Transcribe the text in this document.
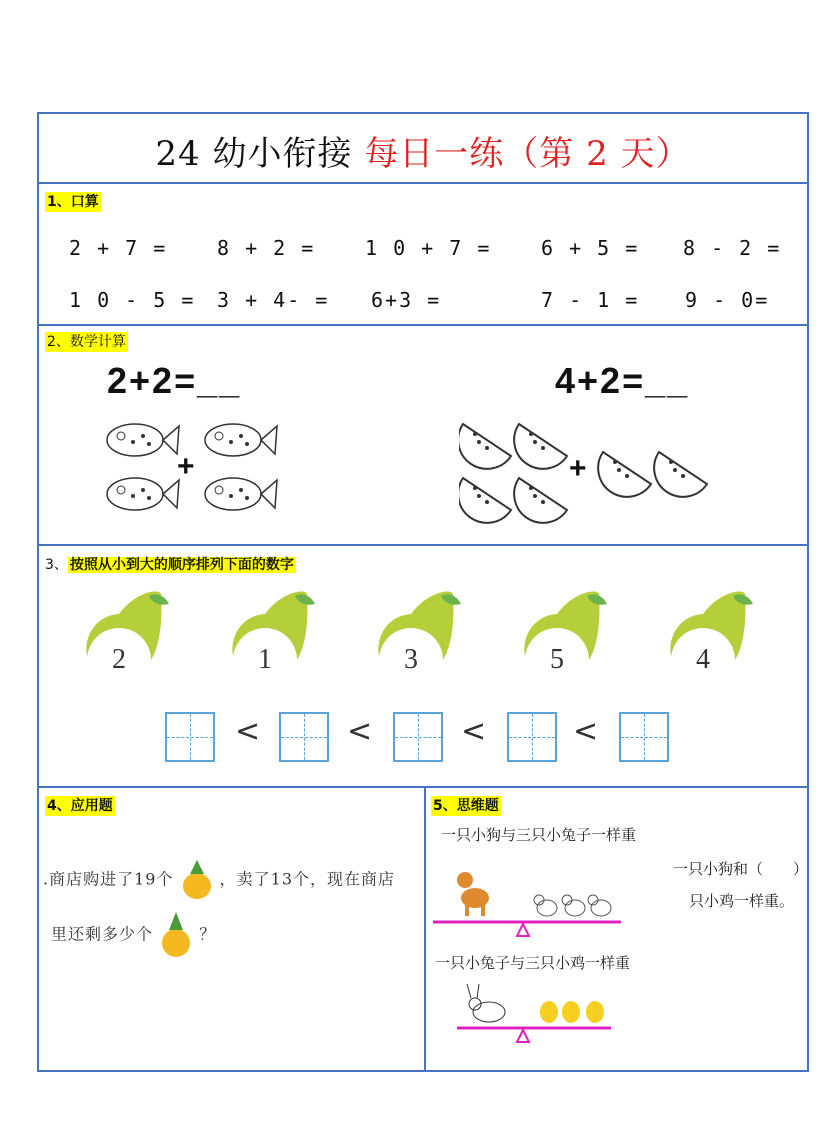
24 幼小衔接 每日一练（第 2 天）
1、口算
2 + 7 = 8 + 2 = 1 0 + 7 = 6 + 5 = 8 - 2 =
1 0 - 5 = 3 + 4- = 6+3 =	7 - 1 = 9 - 0=
2、数学计算
2+2=__	4+2=__
+	+
3、 按照从小到大的顺序排列下面的数字
2	1	3	5	4
<	<	<	<
4、应用题
.商店购进了19个	，卖了13个，现在商店
里还剩多少个	？
5、思维题
一只小狗与三只小兔子一样重
一只小狗和（　　）
只小鸡一样重。
一只小兔子与三只小鸡一样重
